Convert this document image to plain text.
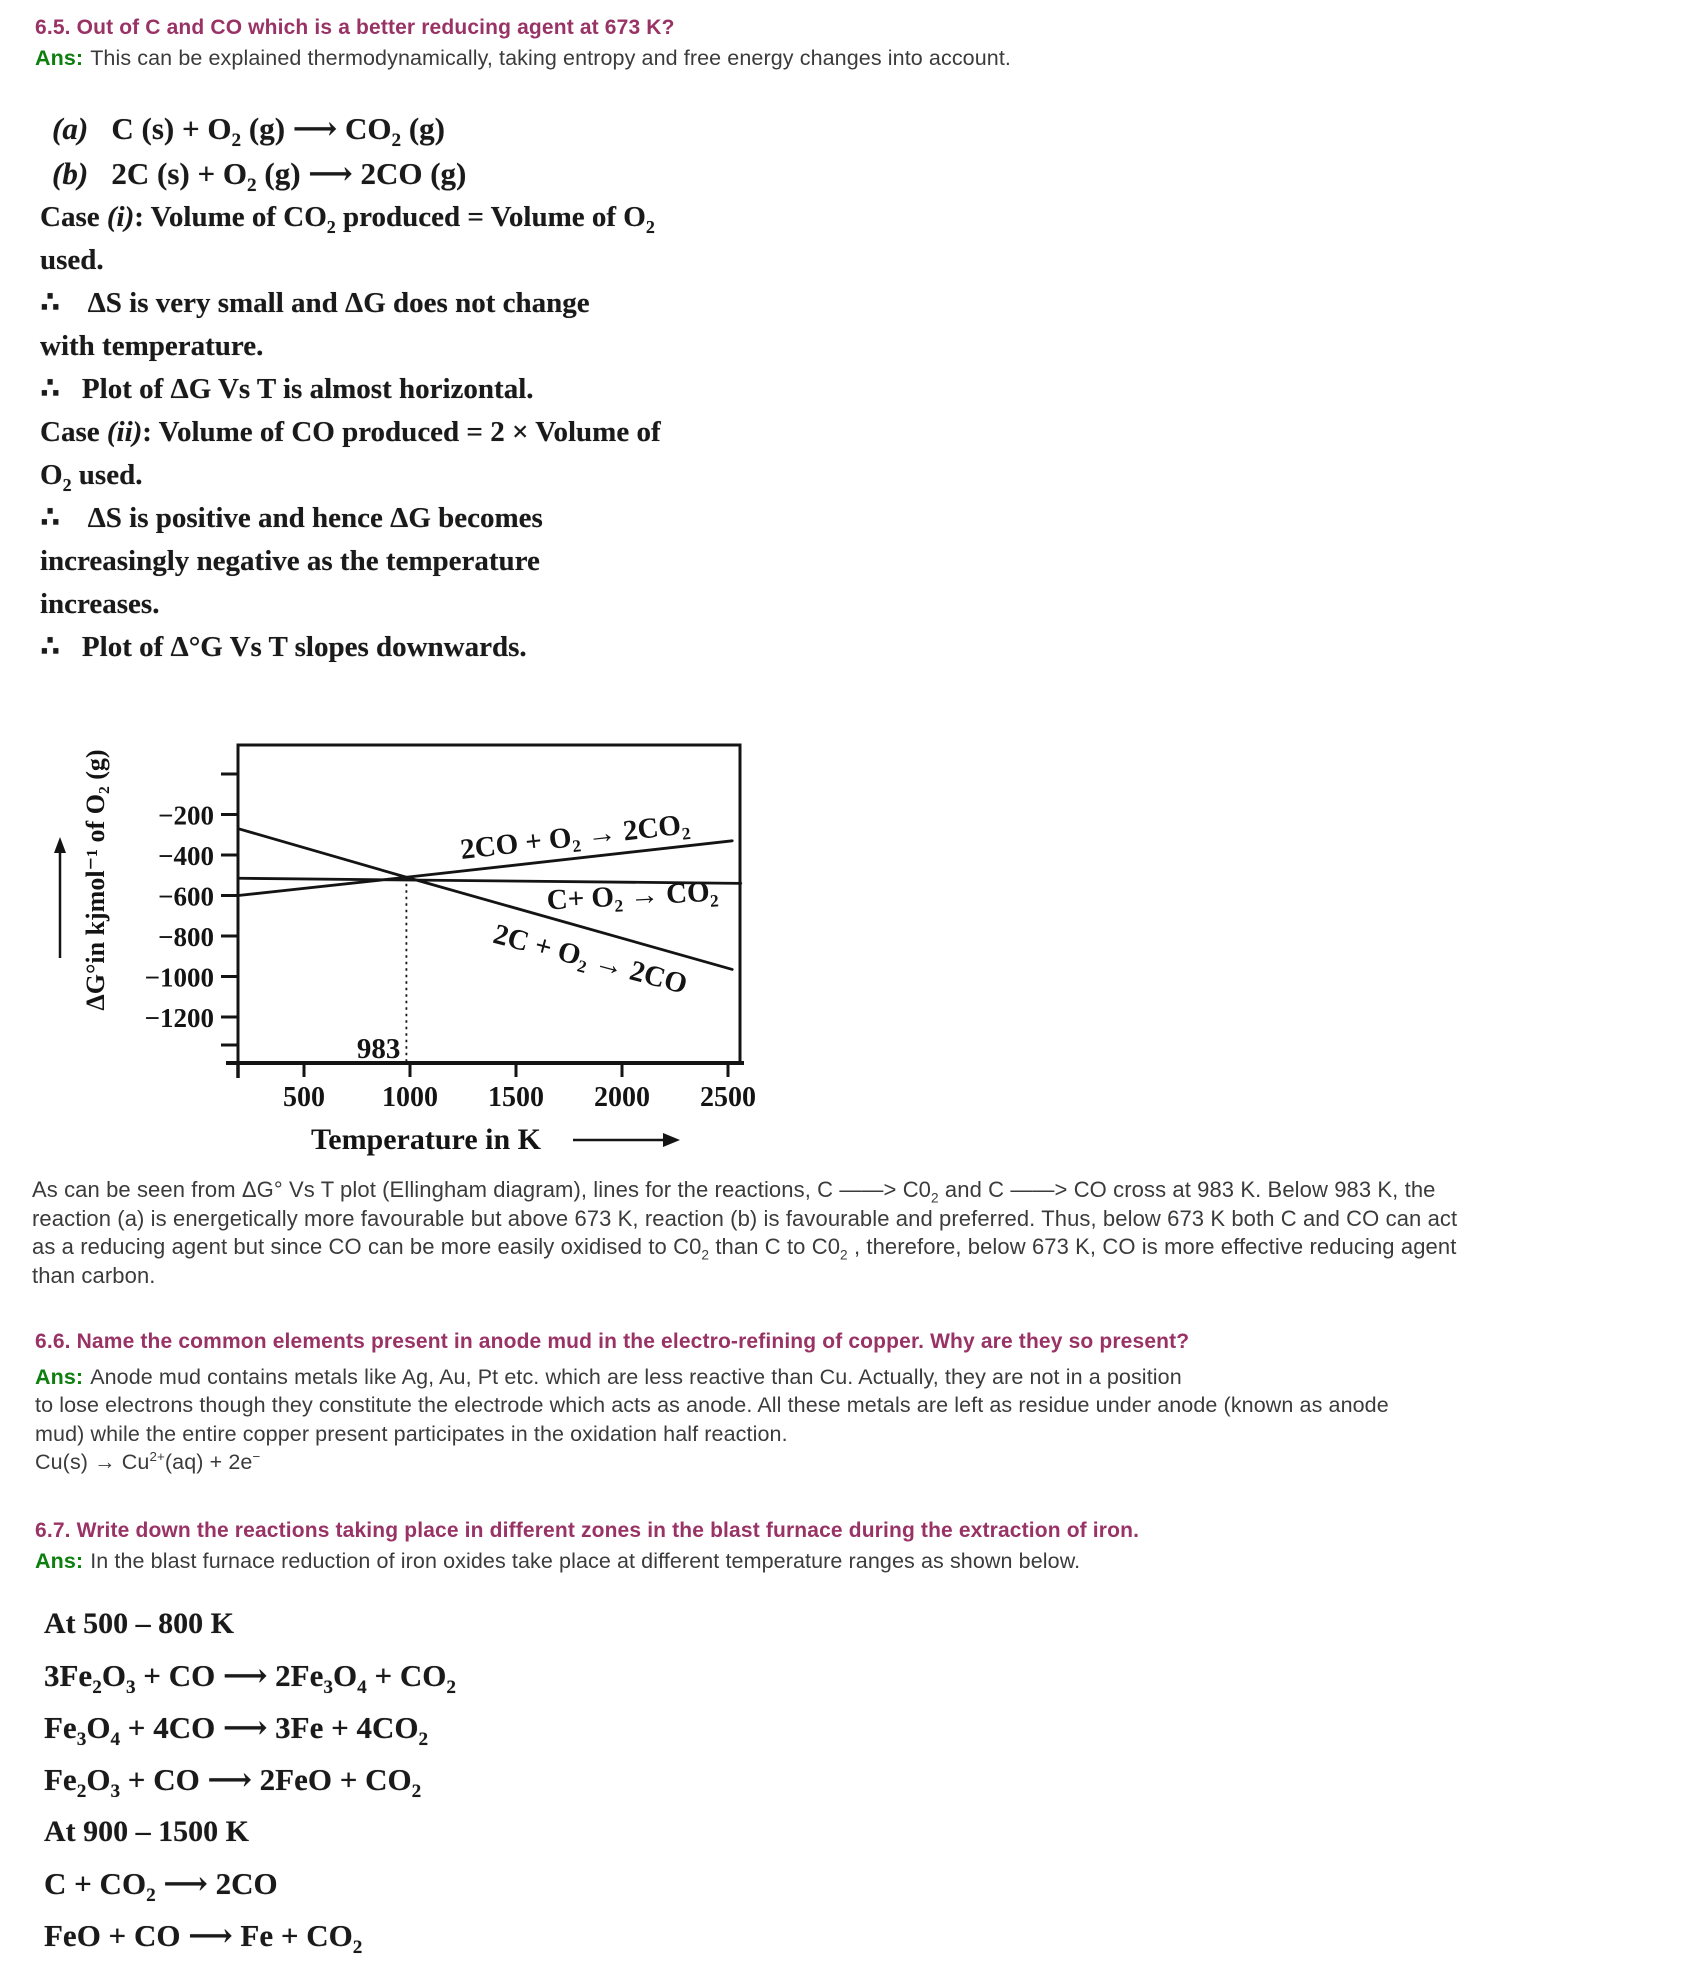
6.5. Out of C and CO which is a better reducing agent at 673 K?
Ans: This can be explained thermodynamically, taking entropy and free energy changes into account.
(a)   C $(s) + O_2$ (g) ⟶ $CO_2$ (g)
(b)   2C $(s) + O_2$ (g) ⟶ 2CO (g)
Case (i): Volume of $CO_2$ produced = Volume of $O_2$
used.
∴    ΔS is very small and ΔG does not change
with temperature.
∴   Plot of ΔG Vs T is almost horizontal.
Case (ii): Volume of CO produced = 2 × Volume of
$O_2$ used.
∴    ΔS is positive and hence ΔG becomes
increasingly negative as the temperature
increases.
∴   Plot of Δ°G Vs T slopes downwards.
−200
−400
−600
−800
−1000
−1200
500 1000 1500 2000 2500
2C + O₂ → 2CO
C+ O₂ → CO₂
2CO + O₂ → 2CO₂
983
ΔG°in kjmol⁻¹ of O₂ (g)
Temperature in K
As can be seen from ΔG° Vs T plot (Ellingham diagram), lines for the reactions, C ——> $C0_2$ and C ——> CO cross at 983 K. Below 983 K, the
reaction (a) is energetically more favourable but above 673 K, reaction (b) is favourable and preferred. Thus, below 673 K both C and CO can act
as a reducing agent but since CO can be more easily oxidised to $C0_2$ than C to $C0_2$ , therefore, below 673 K, CO is more effective reducing agent
than carbon.
6.6. Name the common elements present in anode mud in the electro-refining of copper. Why are they so present?
Ans: Anode mud contains metals like Ag, Au, Pt etc. which are less reactive than Cu. Actually, they are not in a position
to lose electrons though they constitute the electrode which acts as anode. All these metals are left as residue under anode (known as anode
mud) while the entire copper present participates in the oxidation half reaction.
$Cu(s) \to Cu^{2+}(aq) + 2e^-$
6.7. Write down the reactions taking place in different zones in the blast furnace during the extraction of iron.
Ans: In the blast furnace reduction of iron oxides take place at different temperature ranges as shown below.
At 500 – 800 K
$3Fe_2O_3$ + CO ⟶ $2Fe_3O_4 + CO_2$
$Fe_3O_4 + 4CO$ ⟶ $3Fe + 4CO_2$
$Fe_2O_3$ + CO ⟶ $2FeO + CO_2$
At 900 – 1500 K
$C + CO_2$ ⟶ 2CO
FeO + CO ⟶ $Fe + CO_2$
